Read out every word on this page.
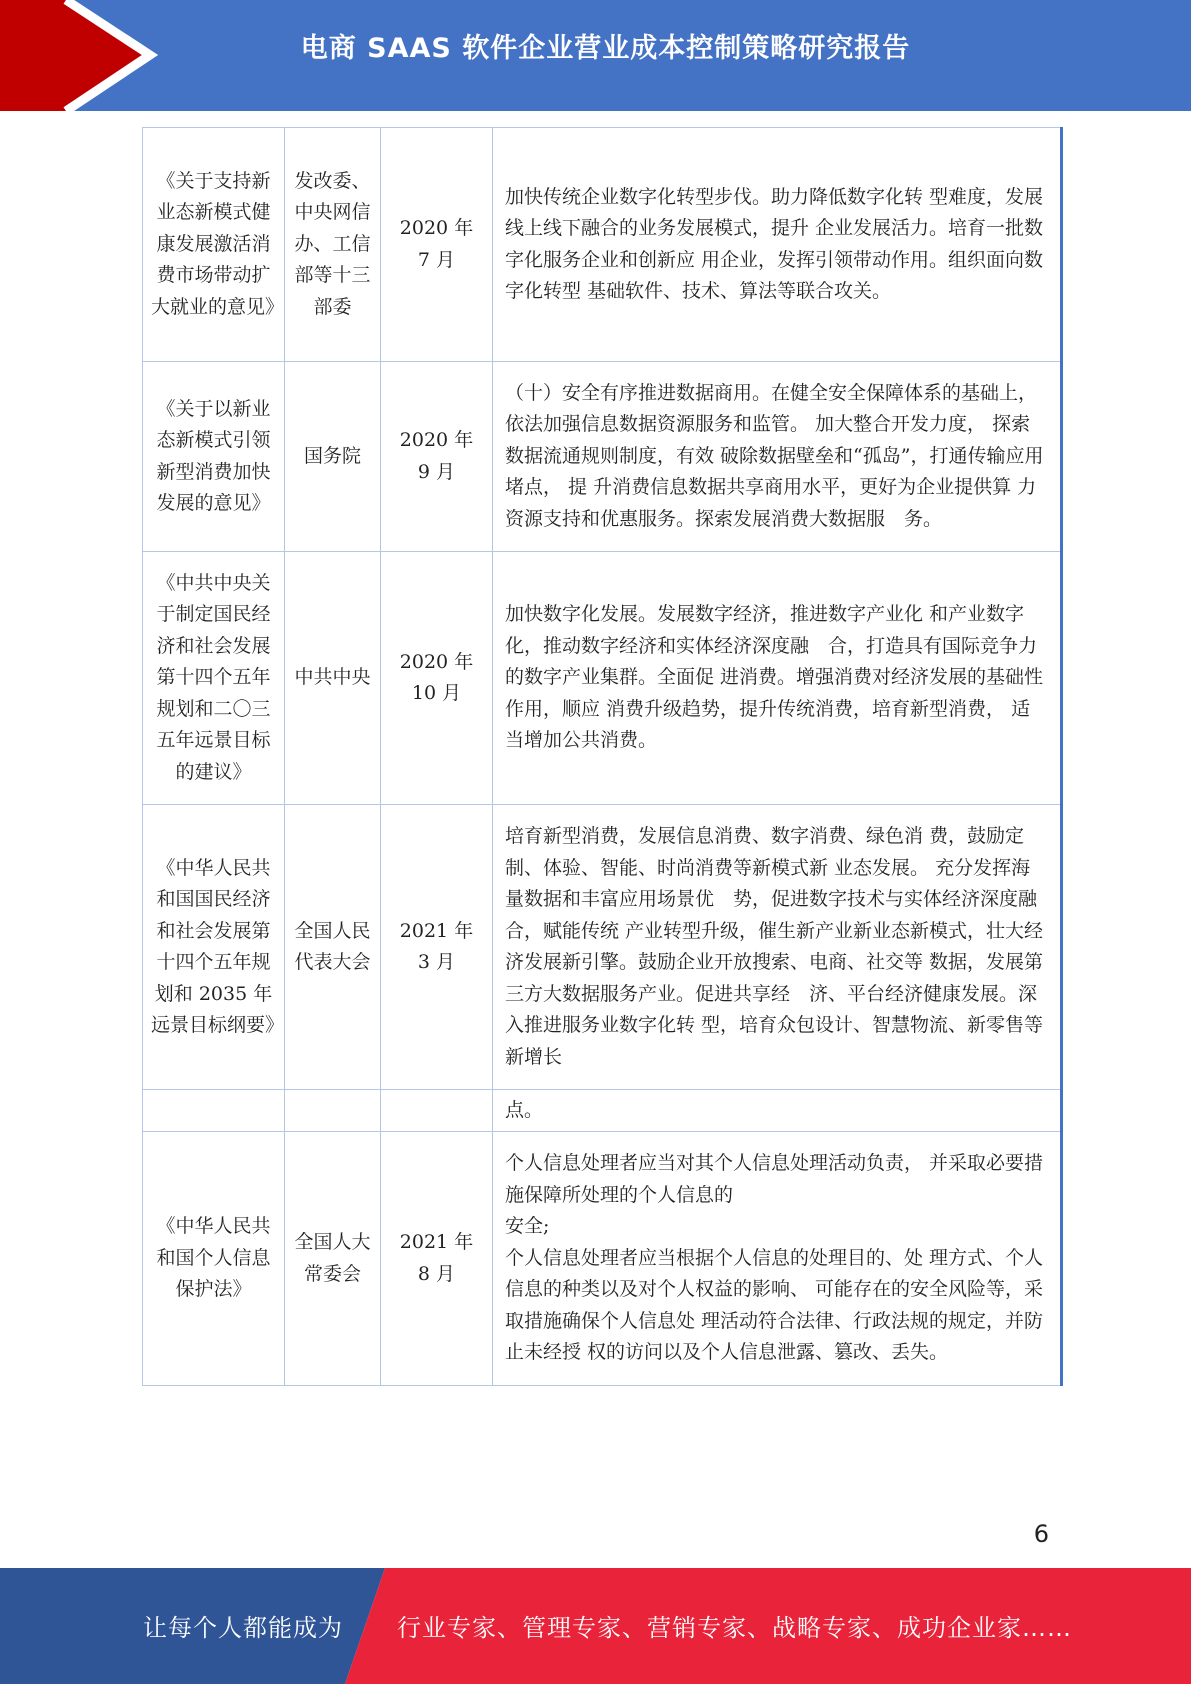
电商 SAAS 软件企业营业成本控制策略研究报告
《关于支持新业态新模式健康发展激活消费市场带动扩大就业的意见》	发改委、中央网信办、工信部等十三部委	2020 年 7 月	加快传统企业数字化转型步伐。助力降低数字化转 型难度，发展线上线下融合的业务发展模式，提升 企业发展活力。培育一批数字化服务企业和创新应 用企业，发挥引领带动作用。组织面向数字化转型 基础软件、技术、算法等联合攻关。

《关于以新业态新模式引领新型消费加快发展的意见》	国务院	2020 年 9 月	（十）安全有序推进数据商用。在健全安全保障体系的基础上，依法加强信息数据资源服务和监管。 加大整合开发力度， 探索数据流通规则制度，有效 破除数据壁垒和“孤岛”，打通传输应用堵点， 提 升消费信息数据共享商用水平，更好为企业提供算 力资源支持和优惠服务。探索发展消费大数据服　务。

《中共中央关于制定国民经济和社会发展第十四个五年规划和二〇三五年远景目标的建议》	中共中央	2020 年 10 月	加快数字化发展。发展数字经济，推进数字产业化 和产业数字化，推动数字经济和实体经济深度融　合，打造具有国际竞争力的数字产业集群。全面促 进消费。增强消费对经济发展的基础性作用，顺应 消费升级趋势，提升传统消费，培育新型消费， 适 当增加公共消费。

《中华人民共和国国民经济和社会发展第十四个五年规划和 2035 年远景目标纲要》	全国人民代表大会	2021 年 3 月	培育新型消费，发展信息消费、数字消费、绿色消 费，鼓励定制、体验、智能、时尚消费等新模式新 业态发展。 充分发挥海量数据和丰富应用场景优　势，促进数字技术与实体经济深度融合，赋能传统 产业转型升级，催生新产业新业态新模式，壮大经 济发展新引擎。鼓励企业开放搜索、电商、社交等 数据，发展第三方大数据服务产业。促进共享经　济、平台经济健康发展。深入推进服务业数字化转 型，培育众包设计、智慧物流、新零售等新增长

			点。

《中华人民共和国个人信息保护法》	全国人大常委会	2021 年 8 月	个人信息处理者应当对其个人信息处理活动负责， 并采取必要措施保障所处理的个人信息的

安全;

个人信息处理者应当根据个人信息的处理目的、处 理方式、个人信息的种类以及对个人权益的影响、 可能存在的安全风险等，采取措施确保个人信息处 理活动符合法律、行政法规的规定，并防止未经授 权的访问以及个人信息泄露、篡改、丢失。

6
让每个人都能成为 行业专家、管理专家、营销专家、战略专家、成功企业家……
